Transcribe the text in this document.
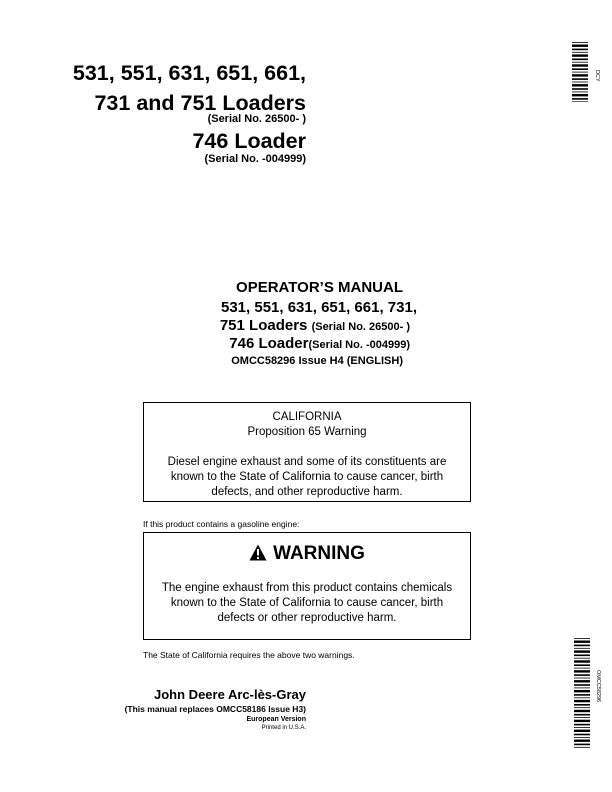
531, 551, 631, 651, 661,
731 and 751 Loaders
(Serial No. 26500- )
746 Loader
(Serial No. -004999)
DCY
OPERATOR’S MANUAL
531, 551, 631, 651, 661, 731,
751 Loaders (Serial No. 26500- )
746 Loader(Serial No. -004999)
OMCC58296 Issue H4 (ENGLISH)
CALIFORNIA
Proposition 65 Warning
Diesel engine exhaust and some of its constituents are
known to the State of California to cause cancer, birth
defects, and other reproductive harm.
If this product contains a gasoline engine:
WARNING
The engine exhaust from this product contains chemicals
known to the State of California to cause cancer, birth
defects or other reproductive harm.
The State of California requires the above two warnings.
John Deere Arc-lès-Gray
(This manual replaces OMCC58186 Issue H3)
European Version
Printed in U.S.A.
OMCC58296
